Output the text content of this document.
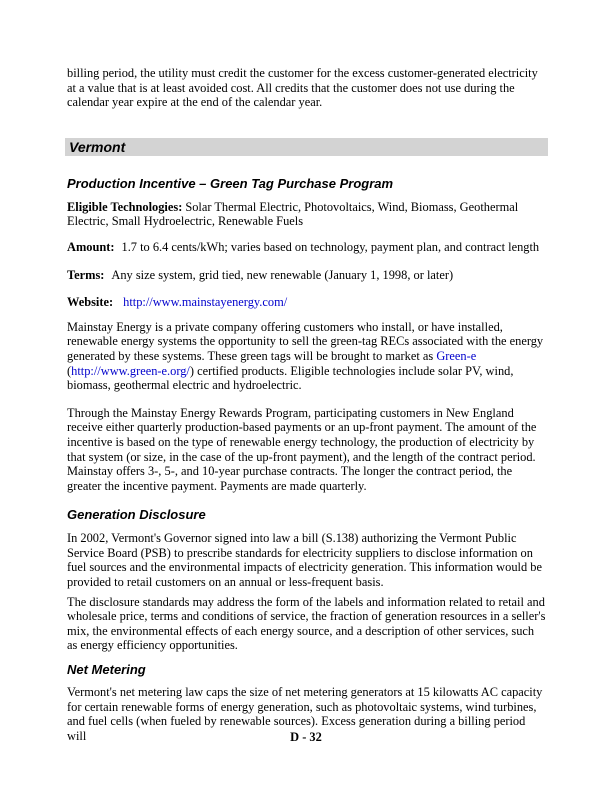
billing period, the utility must credit the customer for the excess customer-generated electricity at a value that is at least avoided cost. All credits that the customer does not use during the calendar year expire at the end of the calendar year.

Vermont
Production Incentive – Green Tag Purchase Program

Eligible Technologies: Solar Thermal Electric, Photovoltaics, Wind, Biomass, Geothermal Electric, Small Hydroelectric, Renewable Fuels

Amount: 1.7 to 6.4 cents/kWh; varies based on technology, payment plan, and contract length

Terms: Any size system, grid tied, new renewable (January 1, 1998, or later)

Website: http://www.mainstayenergy.com/

Mainstay Energy is a private company offering customers who install, or have installed, renewable energy systems the opportunity to sell the green-tag RECs associated with the energy generated by these systems. These green tags will be brought to market as Green-e (http://www.green-e.org/) certified products. Eligible technologies include solar PV, wind, biomass, geothermal electric and hydroelectric.

Through the Mainstay Energy Rewards Program, participating customers in New England receive either quarterly production-based payments or an up-front payment. The amount of the incentive is based on the type of renewable energy technology, the production of electricity by that system (or size, in the case of the up-front payment), and the length of the contract period. Mainstay offers 3-, 5-, and 10-year purchase contracts. The longer the contract period, the greater the incentive payment. Payments are made quarterly.

Generation Disclosure

In 2002, Vermont's Governor signed into law a bill (S.138) authorizing the Vermont Public Service Board (PSB) to prescribe standards for electricity suppliers to disclose information on fuel sources and the environmental impacts of electricity generation. This information would be provided to retail customers on an annual or less-frequent basis.

The disclosure standards may address the form of the labels and information related to retail and wholesale price, terms and conditions of service, the fraction of generation resources in a seller's mix, the environmental effects of each energy source, and a description of other services, such as energy efficiency opportunities.

Net Metering

Vermont's net metering law caps the size of net metering generators at 15 kilowatts AC capacity for certain renewable forms of energy generation, such as photovoltaic systems, wind turbines, and fuel cells (when fueled by renewable sources). Excess generation during a billing period will	D - 32
